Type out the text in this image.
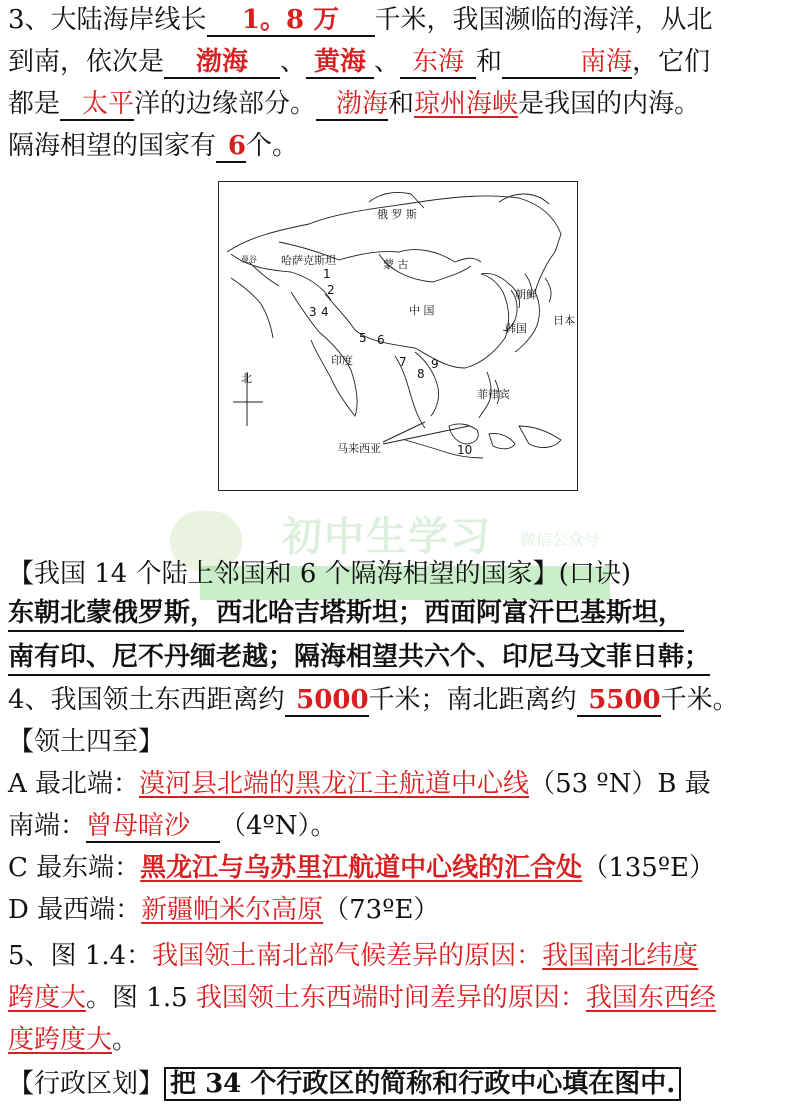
3、大陆海岸线长 1。8 万 千米，我国濒临的海洋，从北
到南，依次是 渤海 、 黄海 、 东海 和	南海，它们
都是 太平洋的边缘部分。 渤海和琼州海峡是我国的内海。
隔海相望的国家有 6个。
北
俄 罗 斯
哈萨克斯坦	蒙 古
中 国
朝鲜
韩国
日本
印度
菲律宾
马来西亚
曼谷
1
2
3 4
5 6
7
8
9
10
初中生学习 微信公众号
【我国 14 个陆上邻国和 6 个隔海相望的国家】(口诀)
东朝北蒙俄罗斯，西北哈吉塔斯坦；西面阿富汗巴基斯坦，
南有印、尼不丹缅老越；隔海相望共六个、印尼马文菲日韩；
4、我国领土东西距离约 5000千米；南北距离约 5500千米。
【领土四至】
A 最北端：漠河县北端的黑龙江主航道中心线（53 ºN）B 最
南端：曾母暗沙 （4ºN）。
C 最东端：黑龙江与乌苏里江航道中心线的汇合处（135ºE）
D 最西端：新疆帕米尔高原（73ºE）
5、图 1.4：我国领土南北部气候差异的原因：我国南北纬度
跨度大。图 1.5 我国领土东西端时间差异的原因：我国东西经
度跨度大。
【行政区划】 把 34 个行政区的简称和行政中心填在图中.
